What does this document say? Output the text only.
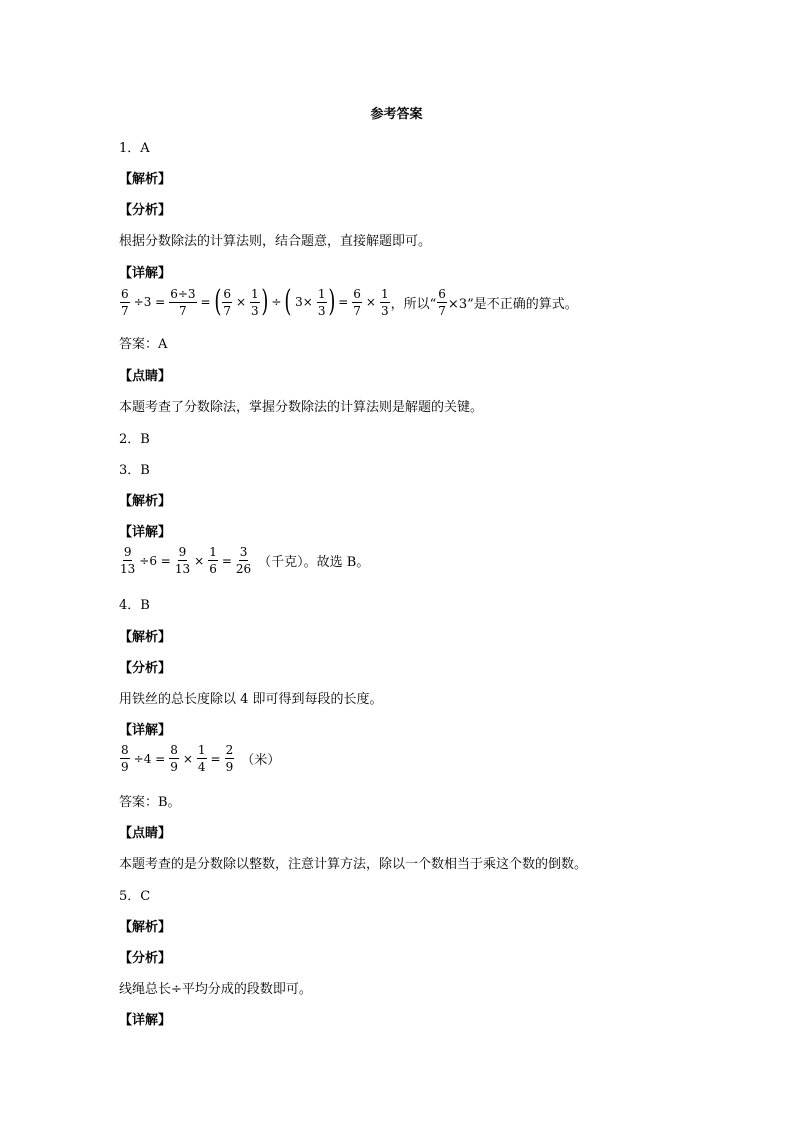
参考答案
1．A
【解析】
【分析】
根据分数除法的计算法则，结合题意，直接解题即可。
【详解】
$\frac{6}{7} \div 3 = \frac{6\div 3}{7}$ = ( $\frac{6}{7} \times \frac{1}{3}$ ) ÷ ( $3\times \frac{1}{3}$ ) = $\frac{6}{7} \times \frac{1}{3}$ ，所以“ $\frac{6}{7} \times 3$”是不正确的算式。
答案：A
【点睛】
本题考查了分数除法，掌握分数除法的计算法则是解题的关键。
2．B
3．B
【解析】
【详解】
$\frac{9}{13} \div 6 = \frac{9}{13} \times \frac{1}{6} = \frac{3}{26}$ （千克）。故选 B。
4．B
【解析】
【分析】
用铁丝的总长度除以 4 即可得到每段的长度。
【详解】
$\frac{8}{9} \div 4 = \frac{8}{9} \times \frac{1}{4} = \frac{2}{9}$ （米）
答案：B。
【点睛】
本题考查的是分数除以整数，注意计算方法，除以一个数相当于乘这个数的倒数。
5．C
【解析】
【分析】
线绳总长÷平均分成的段数即可。
【详解】
